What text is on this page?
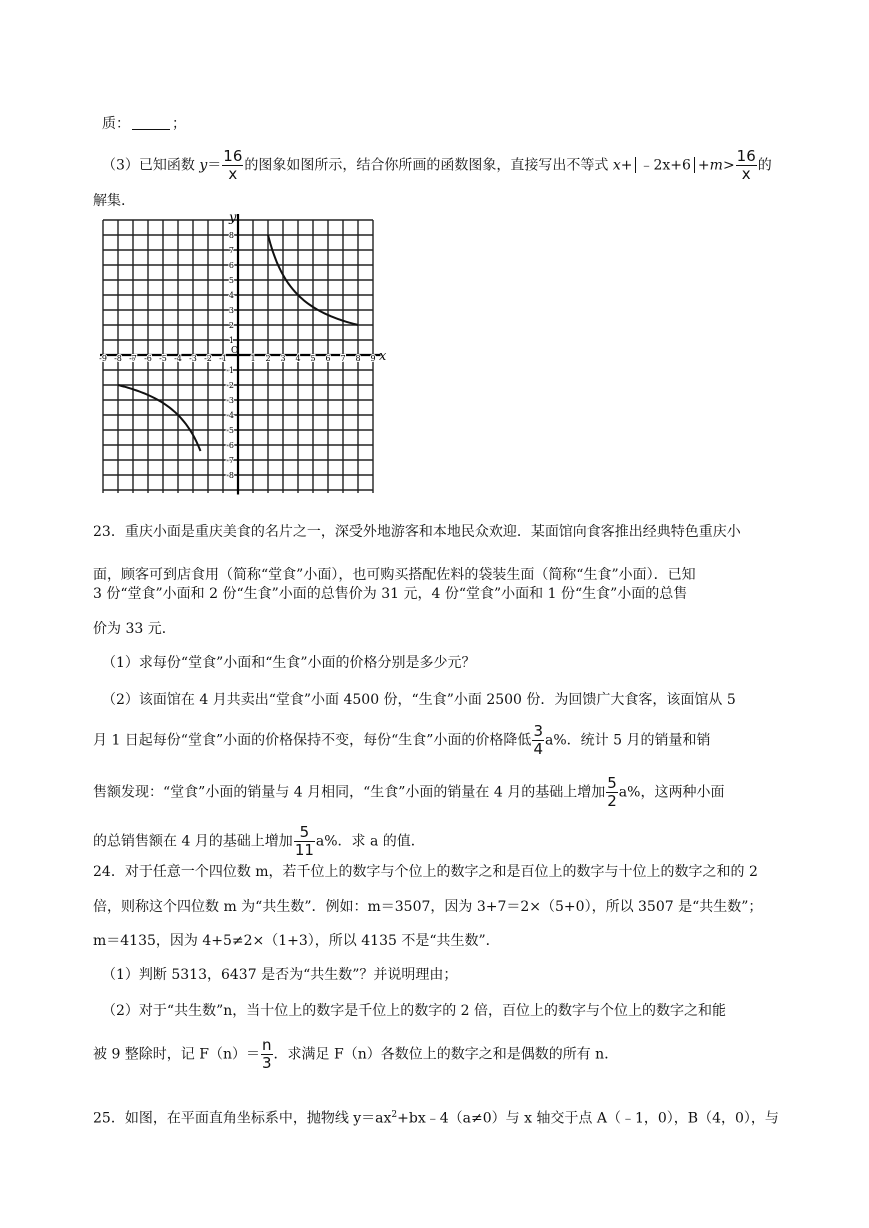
质：	；
（3）已知函数 $y= \frac{16}{x}$ 的图象如图所示，结合你所画的函数图象，直接写出不等式 x+ ﹣2x+6 $+m> \frac{16}{x}$ 的
解集.
-9 -8 -7 -6 -5 -4 -3 -2 -1	1 2 3 4 5 6 7 8 9
8
7
6
5
4
3
2
1
-1
-2
-3
-4
-5
-6
-7
-8
x
y
O
23．重庆小面是重庆美食的名片之一，深受外地游客和本地民众欢迎．某面馆向食客推出经典特色重庆小
面，顾客可到店食用（简称“堂食”小面），也可购买搭配佐料的袋装生面（简称“生食”小面）．已知
3 份“堂食”小面和 2 份“生食”小面的总售价为 31 元，4 份“堂食”小面和 1 份“生食”小面的总售
价为 33 元．
（1）求每份“堂食”小面和“生食”小面的价格分别是多少元？
（2）该面馆在 4 月共卖出“堂食”小面 4500 份，“生食”小面 2500 份．为回馈广大食客，该面馆从 5
月 1 日起每份“堂食”小面的价格保持不变，每份“生食”小面的价格降低 $\frac{3}{4} a\%$．统计 5 月的销量和销
售额发现：“堂食”小面的销量与 4 月相同，“生食”小面的销量在 4 月的基础上增加 $\frac{5}{2} a\%$，这两种小面
的总销售额在 4 月的基础上增加 $\frac{5}{11} a\%$．求 a 的值．
24．对于任意一个四位数 m，若千位上的数字与个位上的数字之和是百位上的数字与十位上的数字之和的 2
倍，则称这个四位数 m 为“共生数”．例如：m＝3507，因为 3+7＝2×（5+0），所以 3507 是“共生数”；
m＝4135，因为 4+5≠2×（1+3），所以 4135 不是“共生数”．
（1）判断 5313，6437 是否为“共生数”？并说明理由；
（2）对于“共生数”n，当十位上的数字是千位上的数字的 2 倍，百位上的数字与个位上的数字之和能
被 9 整除时，记 $F(n)= \frac{n}{3}$ ．求满足 F（n）各数位上的数字之和是偶数的所有 n．
25．如图，在平面直角坐标系中，抛物线 $y=ax^2+bx﹣4(a\ne 0)$与 x 轴交于点 A（﹣1，0），B（4，0），与
